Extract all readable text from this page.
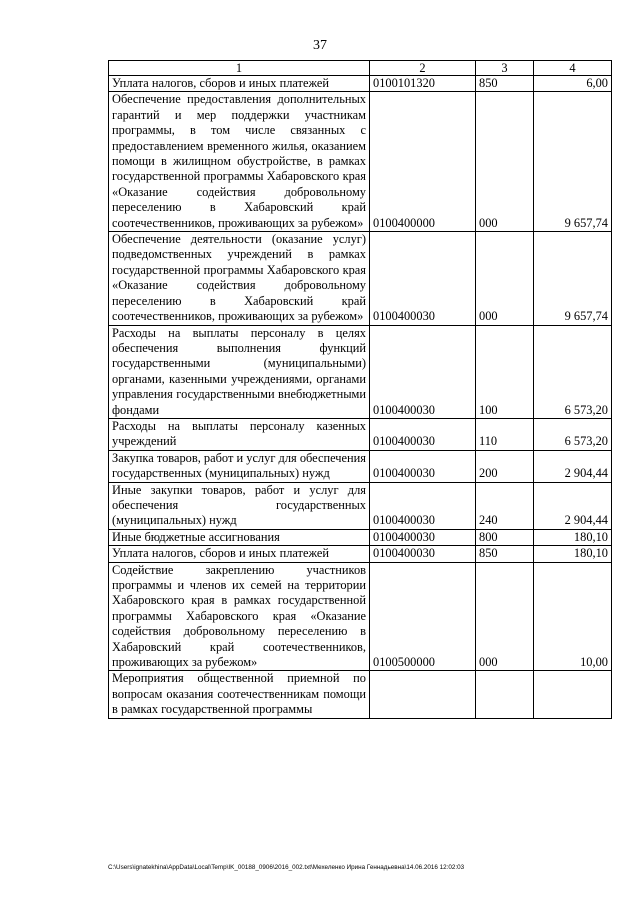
37
1	2	3	4
Уплата налогов, сборов и иных платежей	0100101320	850	6,00
Обеспечение предоставления дополнительных гарантий и мер поддержки участникам программы, в том числе связанных с предоставлением временного жилья, оказанием помощи в жилищном обустройстве, в рамках государственной программы Хабаровского края «Оказание содействия добровольному переселению в Хабаровский край соотечественников, проживающих за рубежом»	0100400000	000	9 657,74
Обеспечение деятельности (оказание услуг) подведомственных учреждений в рамках государственной программы Хабаровского края «Оказание содействия добровольному переселению в Хабаровский край соотечественников, проживающих за рубежом»	0100400030	000	9 657,74
Расходы на выплаты персоналу в целях обеспечения выполнения функций государственными (муниципальными) органами, казенными учреждениями, органами управления государственными внебюджетными фондами	0100400030	100	6 573,20
Расходы на выплаты персоналу казенных учреждений	0100400030	110	6 573,20
Закупка товаров, работ и услуг для обеспечения государственных (муниципальных) нужд	0100400030	200	2 904,44
Иные закупки товаров, работ и услуг для обеспечения государственных (муниципальных) нужд	0100400030	240	2 904,44
Иные бюджетные ассигнования	0100400030	800	180,10
Уплата налогов, сборов и иных платежей	0100400030	850	180,10
Содействие закреплению участников программы и членов их семей на территории Хабаровского края в рамках государственной программы Хабаровского края «Оказание содействия добровольному переселению в Хабаровский край соотечественников, проживающих за рубежом»	0100500000	000	10,00
Мероприятия общественной приемной по вопросам оказания соотечественникам помощи в рамках государственной программы			
C:\Users\ignatekhina\AppData\Local\Temp\IK_00188_0906\2016_002.txt\Мехеленко Ирина Геннадьевна\14.06.2016 12:02:03
